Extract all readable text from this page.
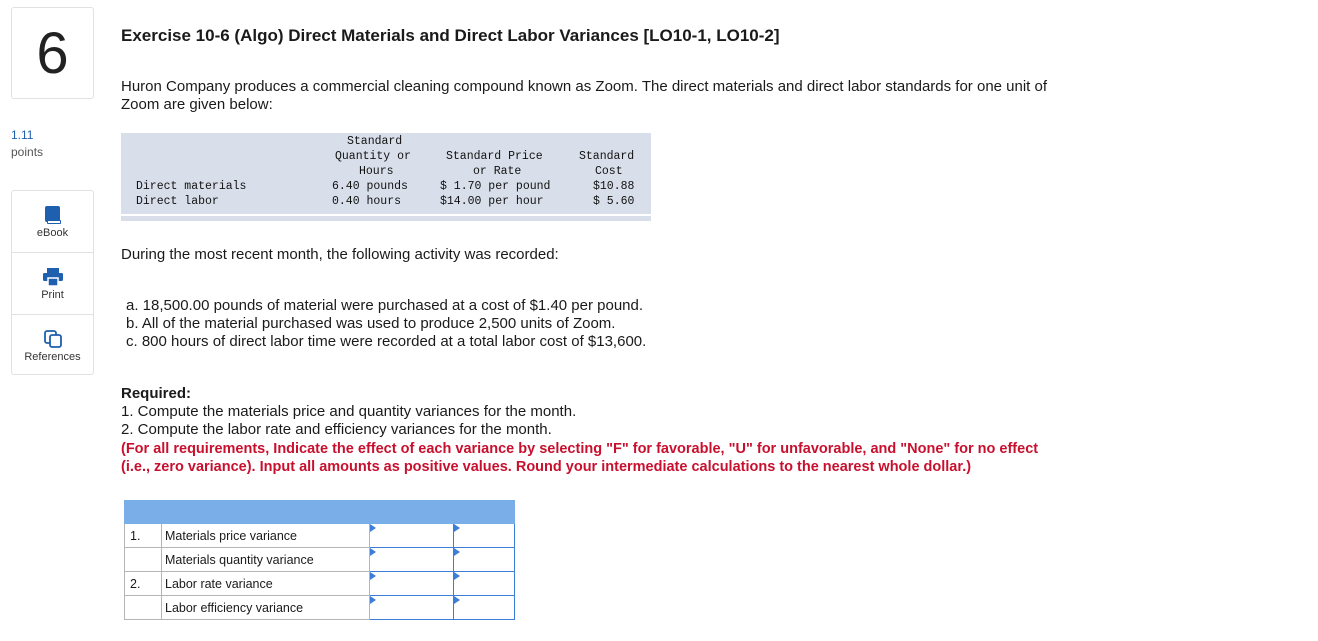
6
1.11
points
eBook
Print
References
Exercise 10-6 (Algo) Direct Materials and Direct Labor Variances [LO10-1, LO10-2]
Huron Company produces a commercial cleaning compound known as Zoom. The direct materials and direct labor standards for one unit of Zoom are given below:
Standard
Quantity or
Hours
Standard Price
or Rate
Standard
Cost
Direct materials	6.40 pounds	$ 1.70 per pound	$10.88
Direct labor	0.40 hours	$14.00 per hour	$ 5.60
During the most recent month, the following activity was recorded:
a. 18,500.00 pounds of material were purchased at a cost of $1.40 per pound.
b. All of the material purchased was used to produce 2,500 units of Zoom.
c. 800 hours of direct labor time were recorded at a total labor cost of $13,600.
Required:
1. Compute the materials price and quantity variances for the month.
2. Compute the labor rate and efficiency variances for the month.
(For all requirements, Indicate the effect of each variance by selecting "F" for favorable, "U" for unfavorable, and "None" for no effect (i.e., zero variance). Input all amounts as positive values. Round your intermediate calculations to the nearest whole dollar.)

1.	Materials price variance	

	Materials quantity variance	

2.	Labor rate variance	

	Labor efficiency variance	
